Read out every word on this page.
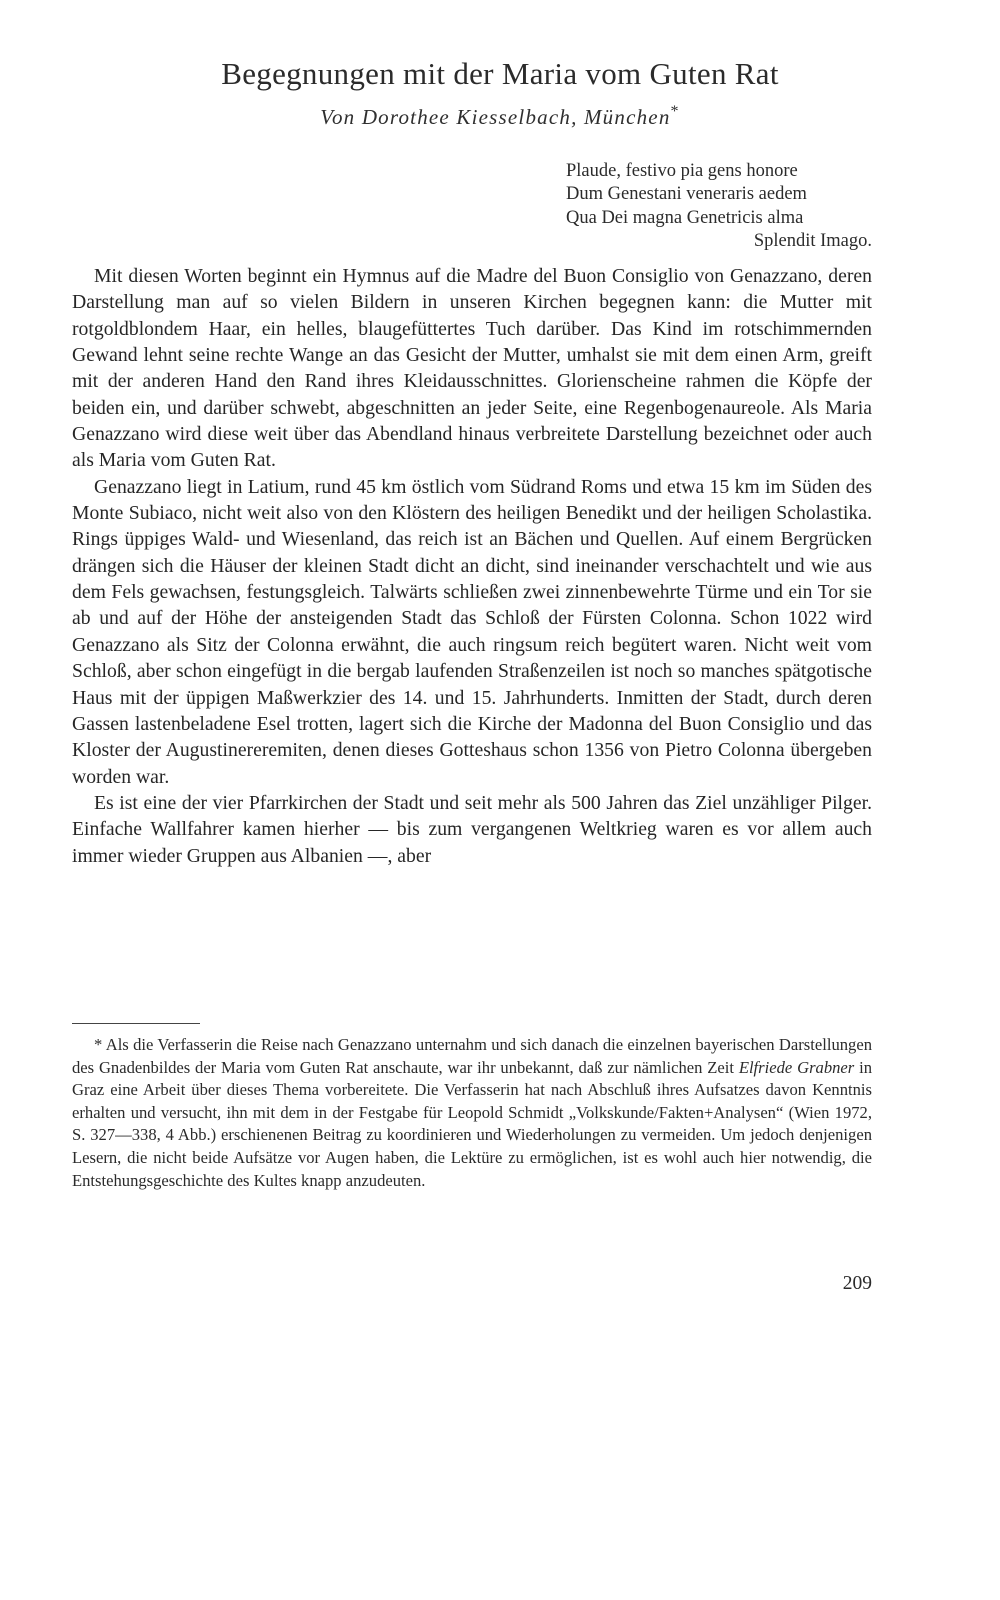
Begegnungen mit der Maria vom Guten Rat
Von Dorothee Kiesselbach, München*
Plaude, festivo pia gens honore
Dum Genestani veneraris aedem
Qua Dei magna Genetricis alma
Splendit Imago.

Mit diesen Worten beginnt ein Hymnus auf die Madre del Buon Consiglio von Genazzano, deren Darstellung man auf so vielen Bildern in unseren Kirchen begegnen kann: die Mutter mit rotgoldblondem Haar, ein helles, blaugefüttertes Tuch darüber. Das Kind im rotschimmernden Gewand lehnt seine rechte Wange an das Gesicht der Mutter, umhalst sie mit dem einen Arm, greift mit der anderen Hand den Rand ihres Kleidausschnittes. Glorienscheine rahmen die Köpfe der beiden ein, und darüber schwebt, abgeschnitten an jeder Seite, eine Regenbogenaureole. Als Maria Genazzano wird diese weit über das Abendland hinaus verbreitete Darstellung bezeichnet oder auch als Maria vom Guten Rat.

Genazzano liegt in Latium, rund 45 km östlich vom Südrand Roms und etwa 15 km im Süden des Monte Subiaco, nicht weit also von den Klöstern des heiligen Benedikt und der heiligen Scholastika. Rings üppiges Wald- und Wiesenland, das reich ist an Bächen und Quellen. Auf einem Bergrücken drängen sich die Häuser der kleinen Stadt dicht an dicht, sind ineinander verschachtelt und wie aus dem Fels gewachsen, festungsgleich. Talwärts schließen zwei zinnenbewehrte Türme und ein Tor sie ab und auf der Höhe der ansteigenden Stadt das Schloß der Fürsten Colonna. Schon 1022 wird Genazzano als Sitz der Colonna erwähnt, die auch ringsum reich begütert waren. Nicht weit vom Schloß, aber schon eingefügt in die bergab laufenden Straßenzeilen ist noch so manches spätgotische Haus mit der üppigen Maßwerkzier des 14. und 15. Jahrhunderts. Inmitten der Stadt, durch deren Gassen lastenbeladene Esel trotten, lagert sich die Kirche der Madonna del Buon Consiglio und das Kloster der Augustinereremiten, denen dieses Gotteshaus schon 1356 von Pietro Colonna übergeben worden war.

Es ist eine der vier Pfarrkirchen der Stadt und seit mehr als 500 Jahren das Ziel unzähliger Pilger. Einfache Wallfahrer kamen hierher — bis zum vergangenen Weltkrieg waren es vor allem auch immer wieder Gruppen aus Albanien —, aber

* Als die Verfasserin die Reise nach Genazzano unternahm und sich danach die einzelnen bayerischen Darstellungen des Gnadenbildes der Maria vom Guten Rat anschaute, war ihr unbekannt, daß zur nämlichen Zeit Elfriede Grabner in Graz eine Arbeit über dieses Thema vorbereitete. Die Verfasserin hat nach Abschluß ihres Aufsatzes davon Kenntnis erhalten und versucht, ihn mit dem in der Festgabe für Leopold Schmidt „Volkskunde/Fakten+Analysen“ (Wien 1972, S. 327—338, 4 Abb.) erschienenen Beitrag zu koordinieren und Wiederholungen zu vermeiden. Um jedoch denjenigen Lesern, die nicht beide Aufsätze vor Augen haben, die Lektüre zu ermöglichen, ist es wohl auch hier notwendig, die Entstehungsgeschichte des Kultes knapp anzudeuten.

209
